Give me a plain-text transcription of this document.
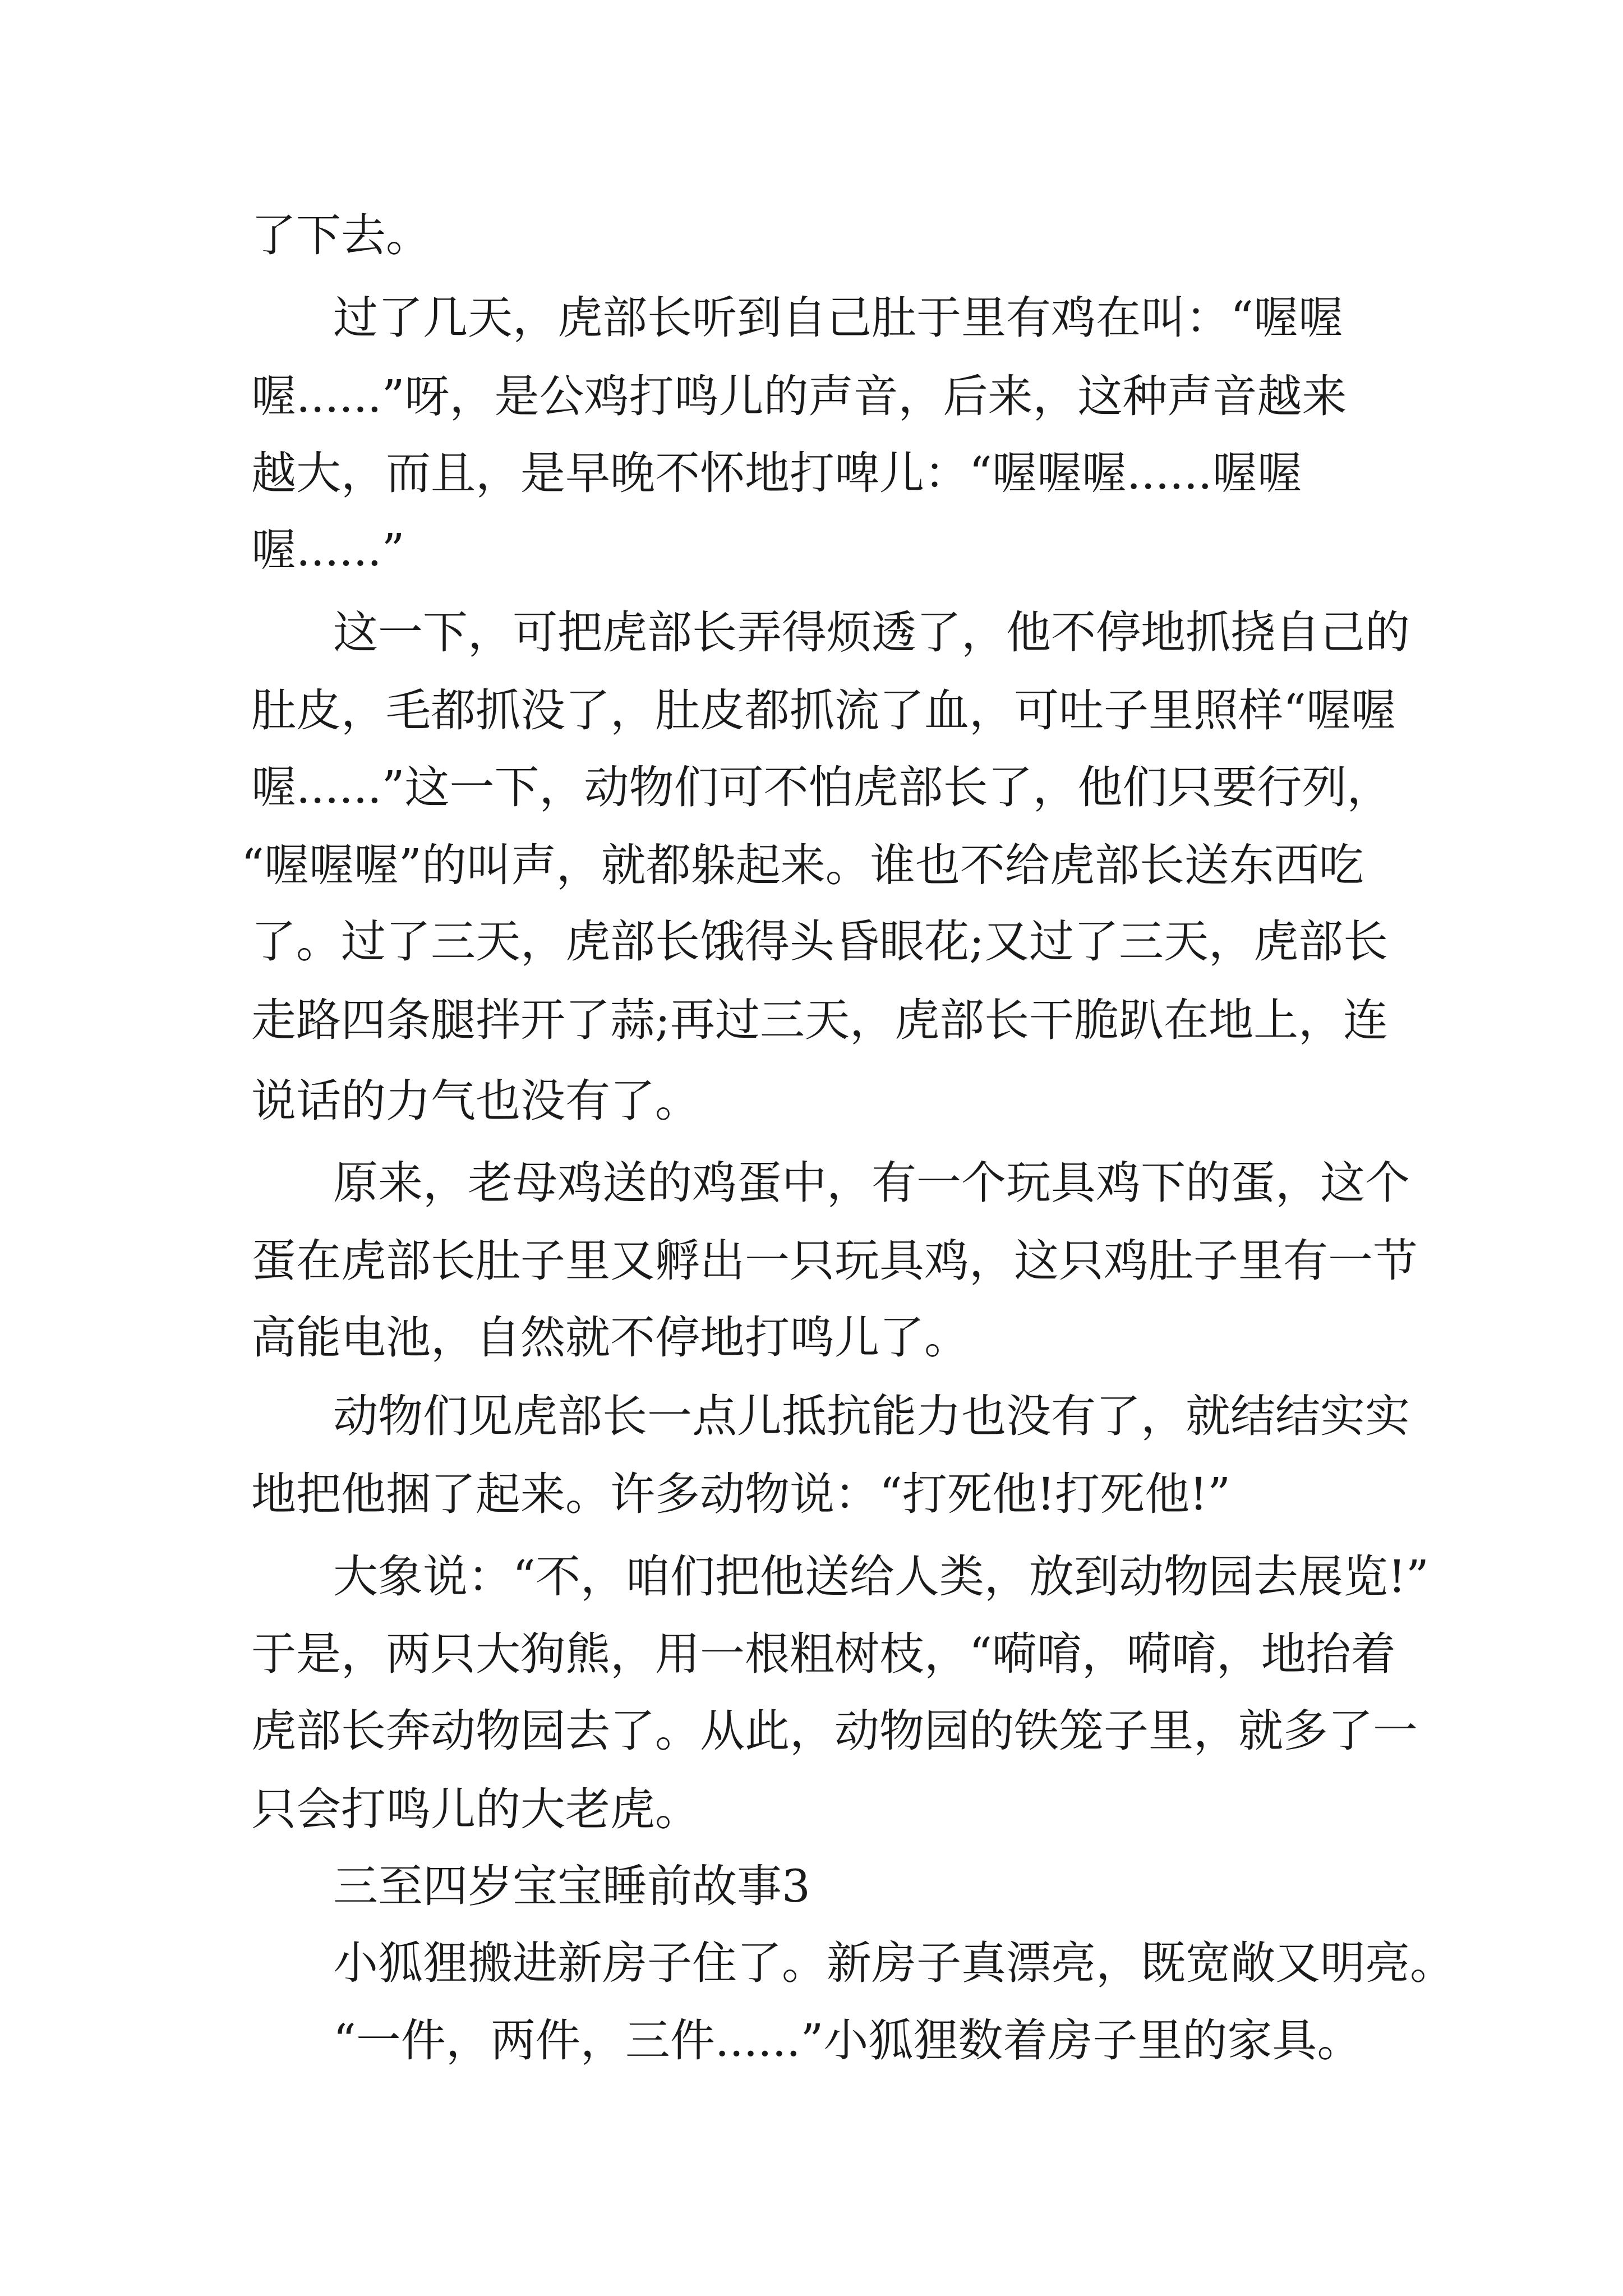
了下去。
过了几天，虎部长听到自己肚于里有鸡在叫：“喔喔
喔......”呀，是公鸡打鸣儿的声音，后来，这种声音越来
越大，而且，是早晚不怀地打啤儿：“喔喔喔......喔喔
喔......”
这一下，可把虎部长弄得烦透了，他不停地抓挠自己的
肚皮，毛都抓没了，肚皮都抓流了血，可吐子里照样“喔喔
喔......”这一下，动物们可不怕虎部长了，他们只要行列，
“喔喔喔”的叫声，就都躲起来。谁也不给虎部长送东西吃
了。过了三天，虎部长饿得头昏眼花;又过了三天，虎部长
走路四条腿拌开了蒜;再过三天，虎部长干脆趴在地上，连
说话的力气也没有了。
原来，老母鸡送的鸡蛋中，有一个玩具鸡下的蛋，这个
蛋在虎部长肚子里又孵出一只玩具鸡，这只鸡肚子里有一节
高能电池，自然就不停地打鸣儿了。
动物们见虎部长一点儿抵抗能力也没有了，就结结实实
地把他捆了起来。许多动物说：“打死他!打死他!”
大象说：“不，咱们把他送给人类，放到动物园去展览!”
于是，两只大狗熊，用一根粗树枝，“嗬唷，嗬唷，地抬着
虎部长奔动物园去了。从此，动物园的铁笼子里，就多了一
只会打鸣儿的大老虎。
三至四岁宝宝睡前故事3
小狐狸搬进新房子住了。新房子真漂亮，既宽敞又明亮。
“一件，两件，三件......”小狐狸数着房子里的家具。
